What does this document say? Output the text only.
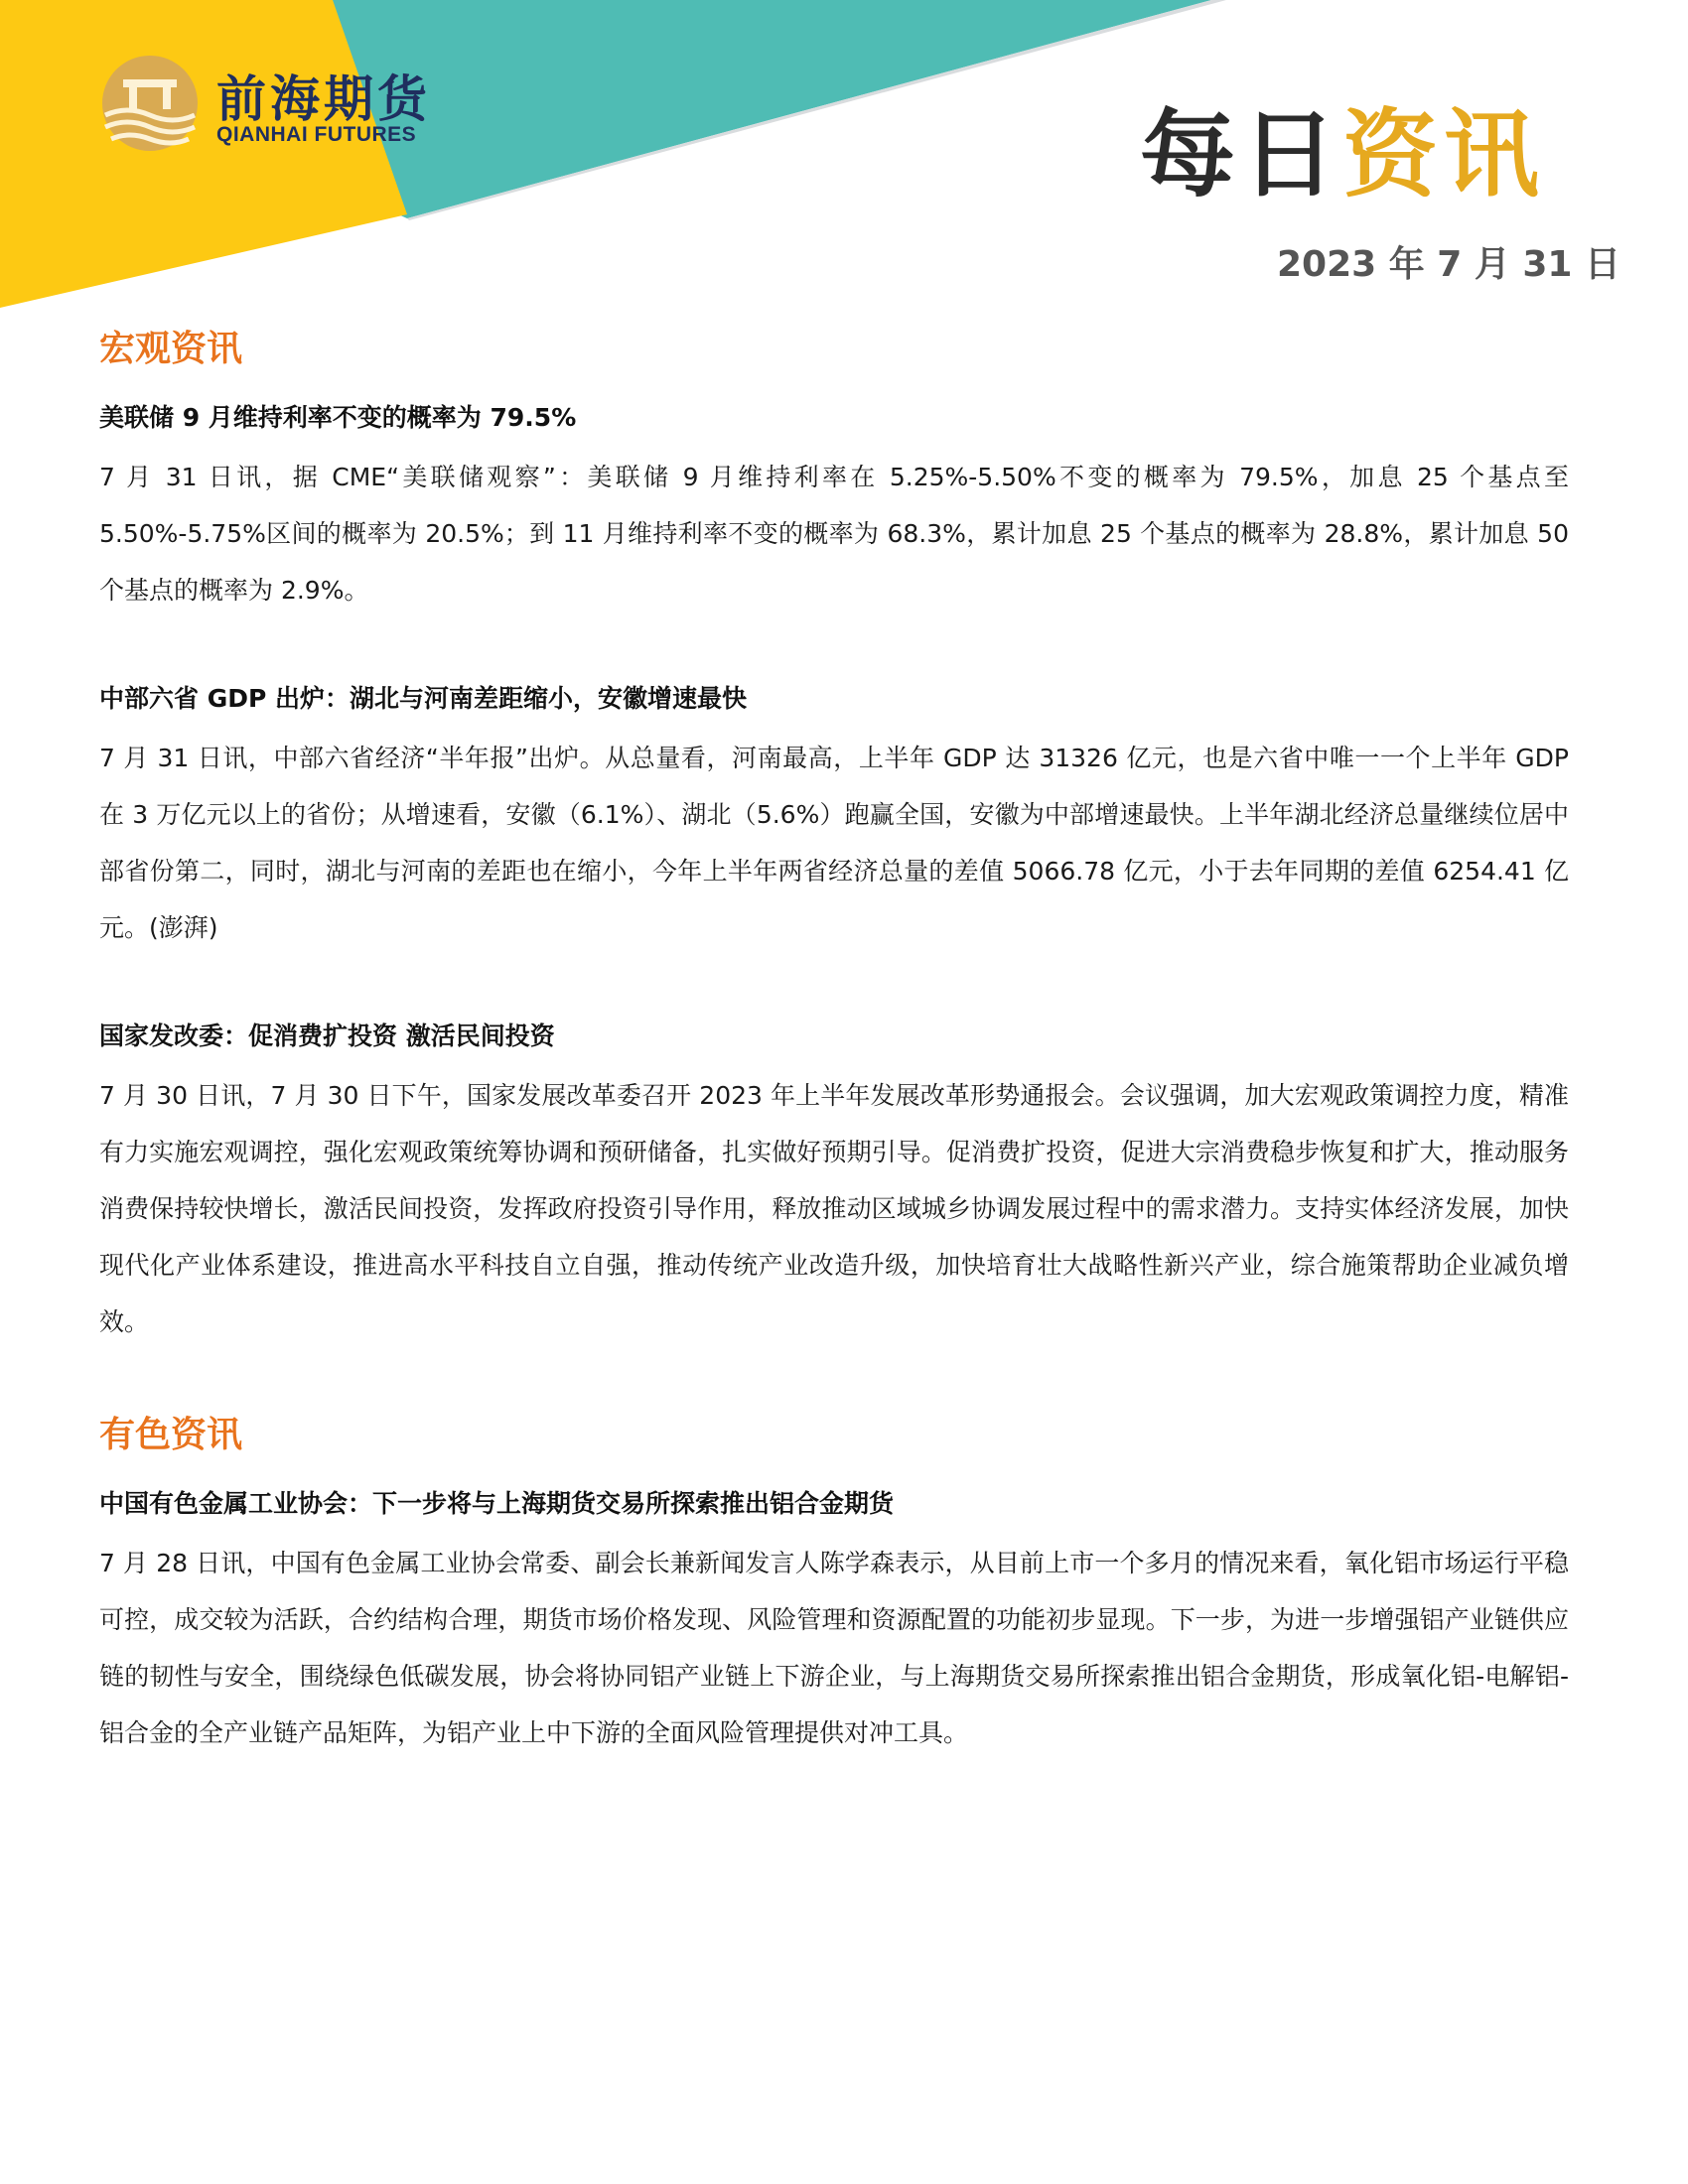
前海期货
QIANHAI FUTURES	每日资讯
2023 年 7 月 31 日
宏观资讯
美联储 9 月维持利率不变的概率为 79.5%

7 月 31 日讯，据 CME“美联储观察”：美联储 9 月维持利率在 5.25%-5.50%不变的概率为 79.5%，加息 25 个基点至 5.50%-5.75%区间的概率为 20.5%；到 11 月维持利率不变的概率为 68.3%，累计加息 25 个基点的概率为 28.8%，累计加息 50 个基点的概率为 2.9%。

中部六省 GDP 出炉：湖北与河南差距缩小，安徽增速最快

7 月 31 日讯，中部六省经济“半年报”出炉。从总量看，河南最高，上半年 GDP 达 31326 亿元，也是六省中唯一一个上半年 GDP 在 3 万亿元以上的省份；从增速看，安徽（6.1%）、湖北（5.6%）跑赢全国，安徽为中部增速最快。上半年湖北经济总量继续位居中部省份第二，同时，湖北与河南的差距也在缩小，今年上半年两省经济总量的差值 5066.78 亿元，小于去年同期的差值 6254.41 亿元。(澎湃)

国家发改委：促消费扩投资 激活民间投资

7 月 30 日讯，7 月 30 日下午，国家发展改革委召开 2023 年上半年发展改革形势通报会。会议强调，加大宏观政策调控力度，精准有力实施宏观调控，强化宏观政策统筹协调和预研储备，扎实做好预期引导。促消费扩投资，促进大宗消费稳步恢复和扩大，推动服务消费保持较快增长，激活民间投资，发挥政府投资引导作用，释放推动区域城乡协调发展过程中的需求潜力。支持实体经济发展，加快现代化产业体系建设，推进高水平科技自立自强，推动传统产业改造升级，加快培育壮大战略性新兴产业，综合施策帮助企业减负增效。

有色资讯
中国有色金属工业协会：下一步将与上海期货交易所探索推出铝合金期货

7 月 28 日讯，中国有色金属工业协会常委、副会长兼新闻发言人陈学森表示，从目前上市一个多月的情况来看，氧化铝市场运行平稳可控，成交较为活跃，合约结构合理，期货市场价格发现、风险管理和资源配置的功能初步显现。下一步，为进一步增强铝产业链供应链的韧性与安全，围绕绿色低碳发展，协会将协同铝产业链上下游企业，与上海期货交易所探索推出铝合金期货，形成氧化铝-电解铝-铝合金的全产业链产品矩阵，为铝产业上中下游的全面风险管理提供对冲工具。
